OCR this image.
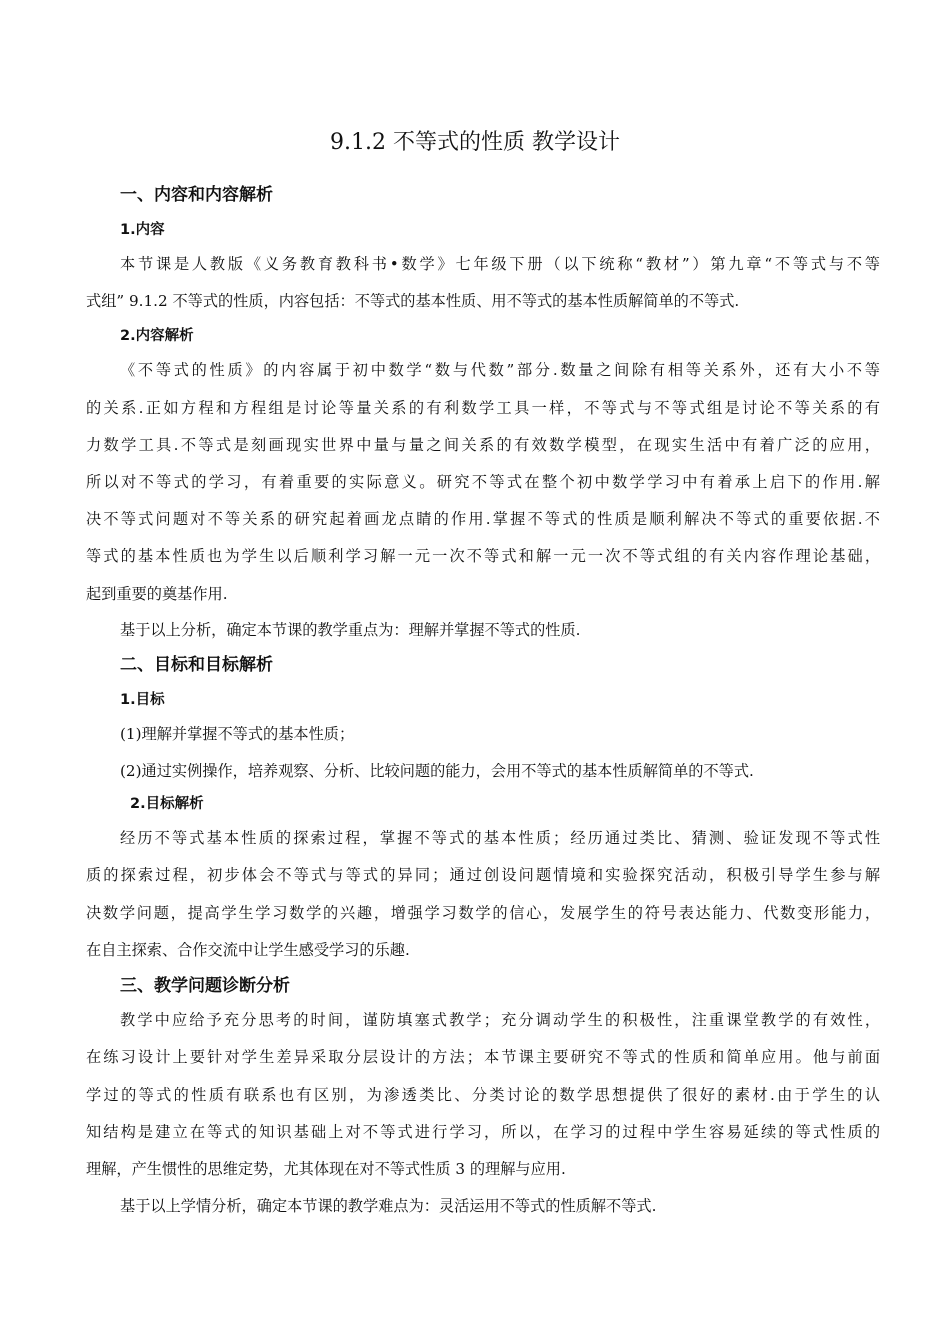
9.1.2 不等式的性质 教学设计
一、内容和内容解析
1.内容
本节课是人教版《义务教育教科书•数学》七年级下册（以下统称“教材”）第九章“不等式与不等
式组” 9.1.2 不等式的性质，内容包括：不等式的基本性质、用不等式的基本性质解简单的不等式.
2.内容解析
《不等式的性质》的内容属于初中数学“数与代数”部分.数量之间除有相等关系外，还有大小不等
的关系.正如方程和方程组是讨论等量关系的有利数学工具一样，不等式与不等式组是讨论不等关系的有
力数学工具.不等式是刻画现实世界中量与量之间关系的有效数学模型，在现实生活中有着广泛的应用，
所以对不等式的学习，有着重要的实际意义。研究不等式在整个初中数学学习中有着承上启下的作用.解
决不等式问题对不等关系的研究起着画龙点睛的作用.掌握不等式的性质是顺利解决不等式的重要依据.不
等式的基本性质也为学生以后顺利学习解一元一次不等式和解一元一次不等式组的有关内容作理论基础，
起到重要的奠基作用.
基于以上分析，确定本节课的教学重点为：理解并掌握不等式的性质.
二、目标和目标解析
1.目标
(1)理解并掌握不等式的基本性质；
(2)通过实例操作，培养观察、分析、比较问题的能力，会用不等式的基本性质解简单的不等式.
2.目标解析
经历不等式基本性质的探索过程，掌握不等式的基本性质；经历通过类比、猜测、验证发现不等式性
质的探索过程，初步体会不等式与等式的异同；通过创设问题情境和实验探究活动，积极引导学生参与解
决数学问题，提高学生学习数学的兴趣，增强学习数学的信心，发展学生的符号表达能力、代数变形能力，
在自主探索、合作交流中让学生感受学习的乐趣.
三、教学问题诊断分析
教学中应给予充分思考的时间，谨防填塞式教学；充分调动学生的积极性，注重课堂教学的有效性，
在练习设计上要针对学生差异采取分层设计的方法；本节课主要研究不等式的性质和简单应用。他与前面
学过的等式的性质有联系也有区别，为渗透类比、分类讨论的数学思想提供了很好的素材.由于学生的认
知结构是建立在等式的知识基础上对不等式进行学习，所以，在学习的过程中学生容易延续的等式性质的
理解，产生惯性的思维定势，尤其体现在对不等式性质 3 的理解与应用.
基于以上学情分析，确定本节课的教学难点为：灵活运用不等式的性质解不等式.
